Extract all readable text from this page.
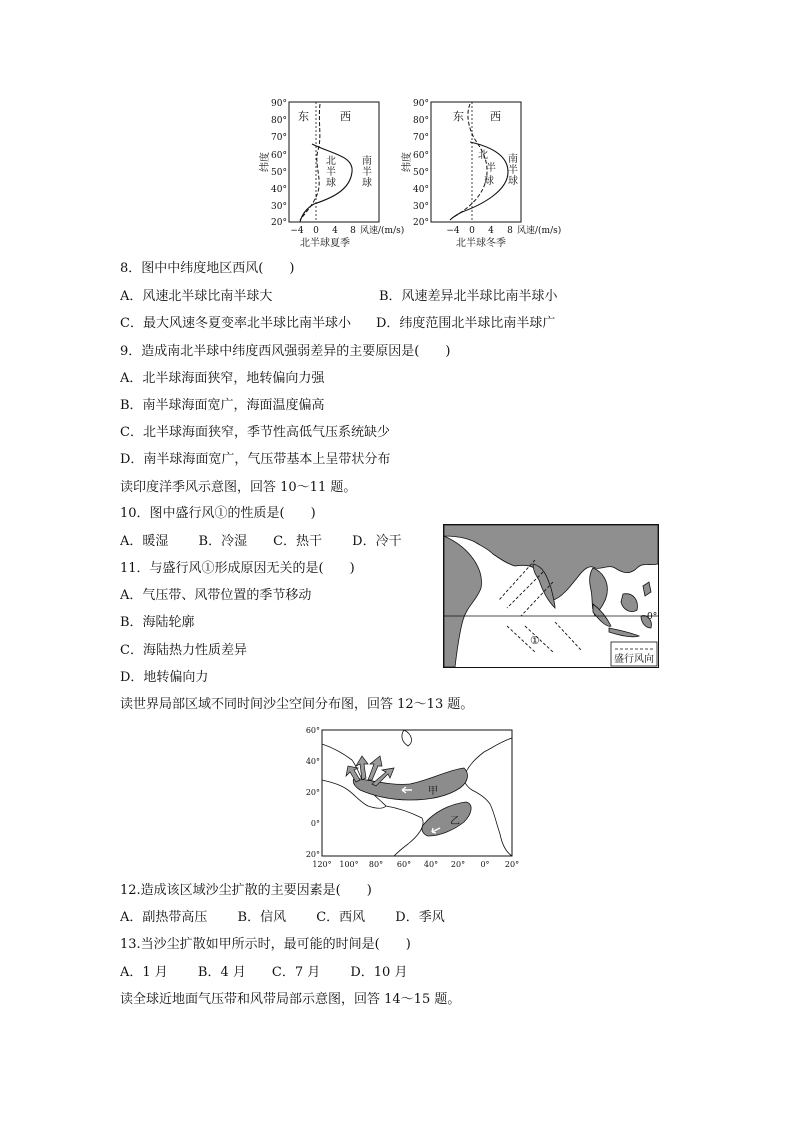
90°
80°
70°
60°
50°
40°
30°
20°
纬度
东	西
北
半
球
南
半
球
−4 0 4 8 风速/(m/s)
北半球夏季
90°
80°
70°
60°
50°
40°
30°
20°
纬度
东 西
北
半
球
南
半
球
−4 0 4 8 风速/(m/s)
北半球冬季
8．图中中纬度地区西风(　　)
A．风速北半球比南半球大	B．风速差异北半球比南半球小
C．最大风速冬夏变率北半球比南半球小 D．纬度范围北半球比南半球广
9．造成南北半球中纬度西风强弱差异的主要原因是(　　)
A．北半球海面狭窄，地转偏向力强
B．南半球海面宽广，海面温度偏高
C．北半球海面狭窄，季节性高低气压系统缺少
D．南半球海面宽广，气压带基本上呈带状分布
读印度洋季风示意图，回答 10～11 题。
10．图中盛行风①的性质是(　　)
A．暖湿　　 B．冷湿　　C．热干　　 D．冷干
11．与盛行风①形成原因无关的是(　　)
A．气压带、风带位置的季节移动
B．海陆轮廓
C．海陆热力性质差异
D．地转偏向力
0°
①
盛行风向
读世界局部区域不同时间沙尘空间分布图，回答 12～13 题。
60°
40°
20°
0°
20°
120° 100° 80° 60° 40° 20° 0° 20°
甲
乙
12.造成该区域沙尘扩散的主要因素是(　　)
A．副热带高压　　 B．信风　　 C．西风　　 D．季风
13.当沙尘扩散如甲所示时，最可能的时间是(　　)
A．1 月　　 B．4 月　　C．7 月　　 D．10 月
读全球近地面气压带和风带局部示意图，回答 14～15 题。
